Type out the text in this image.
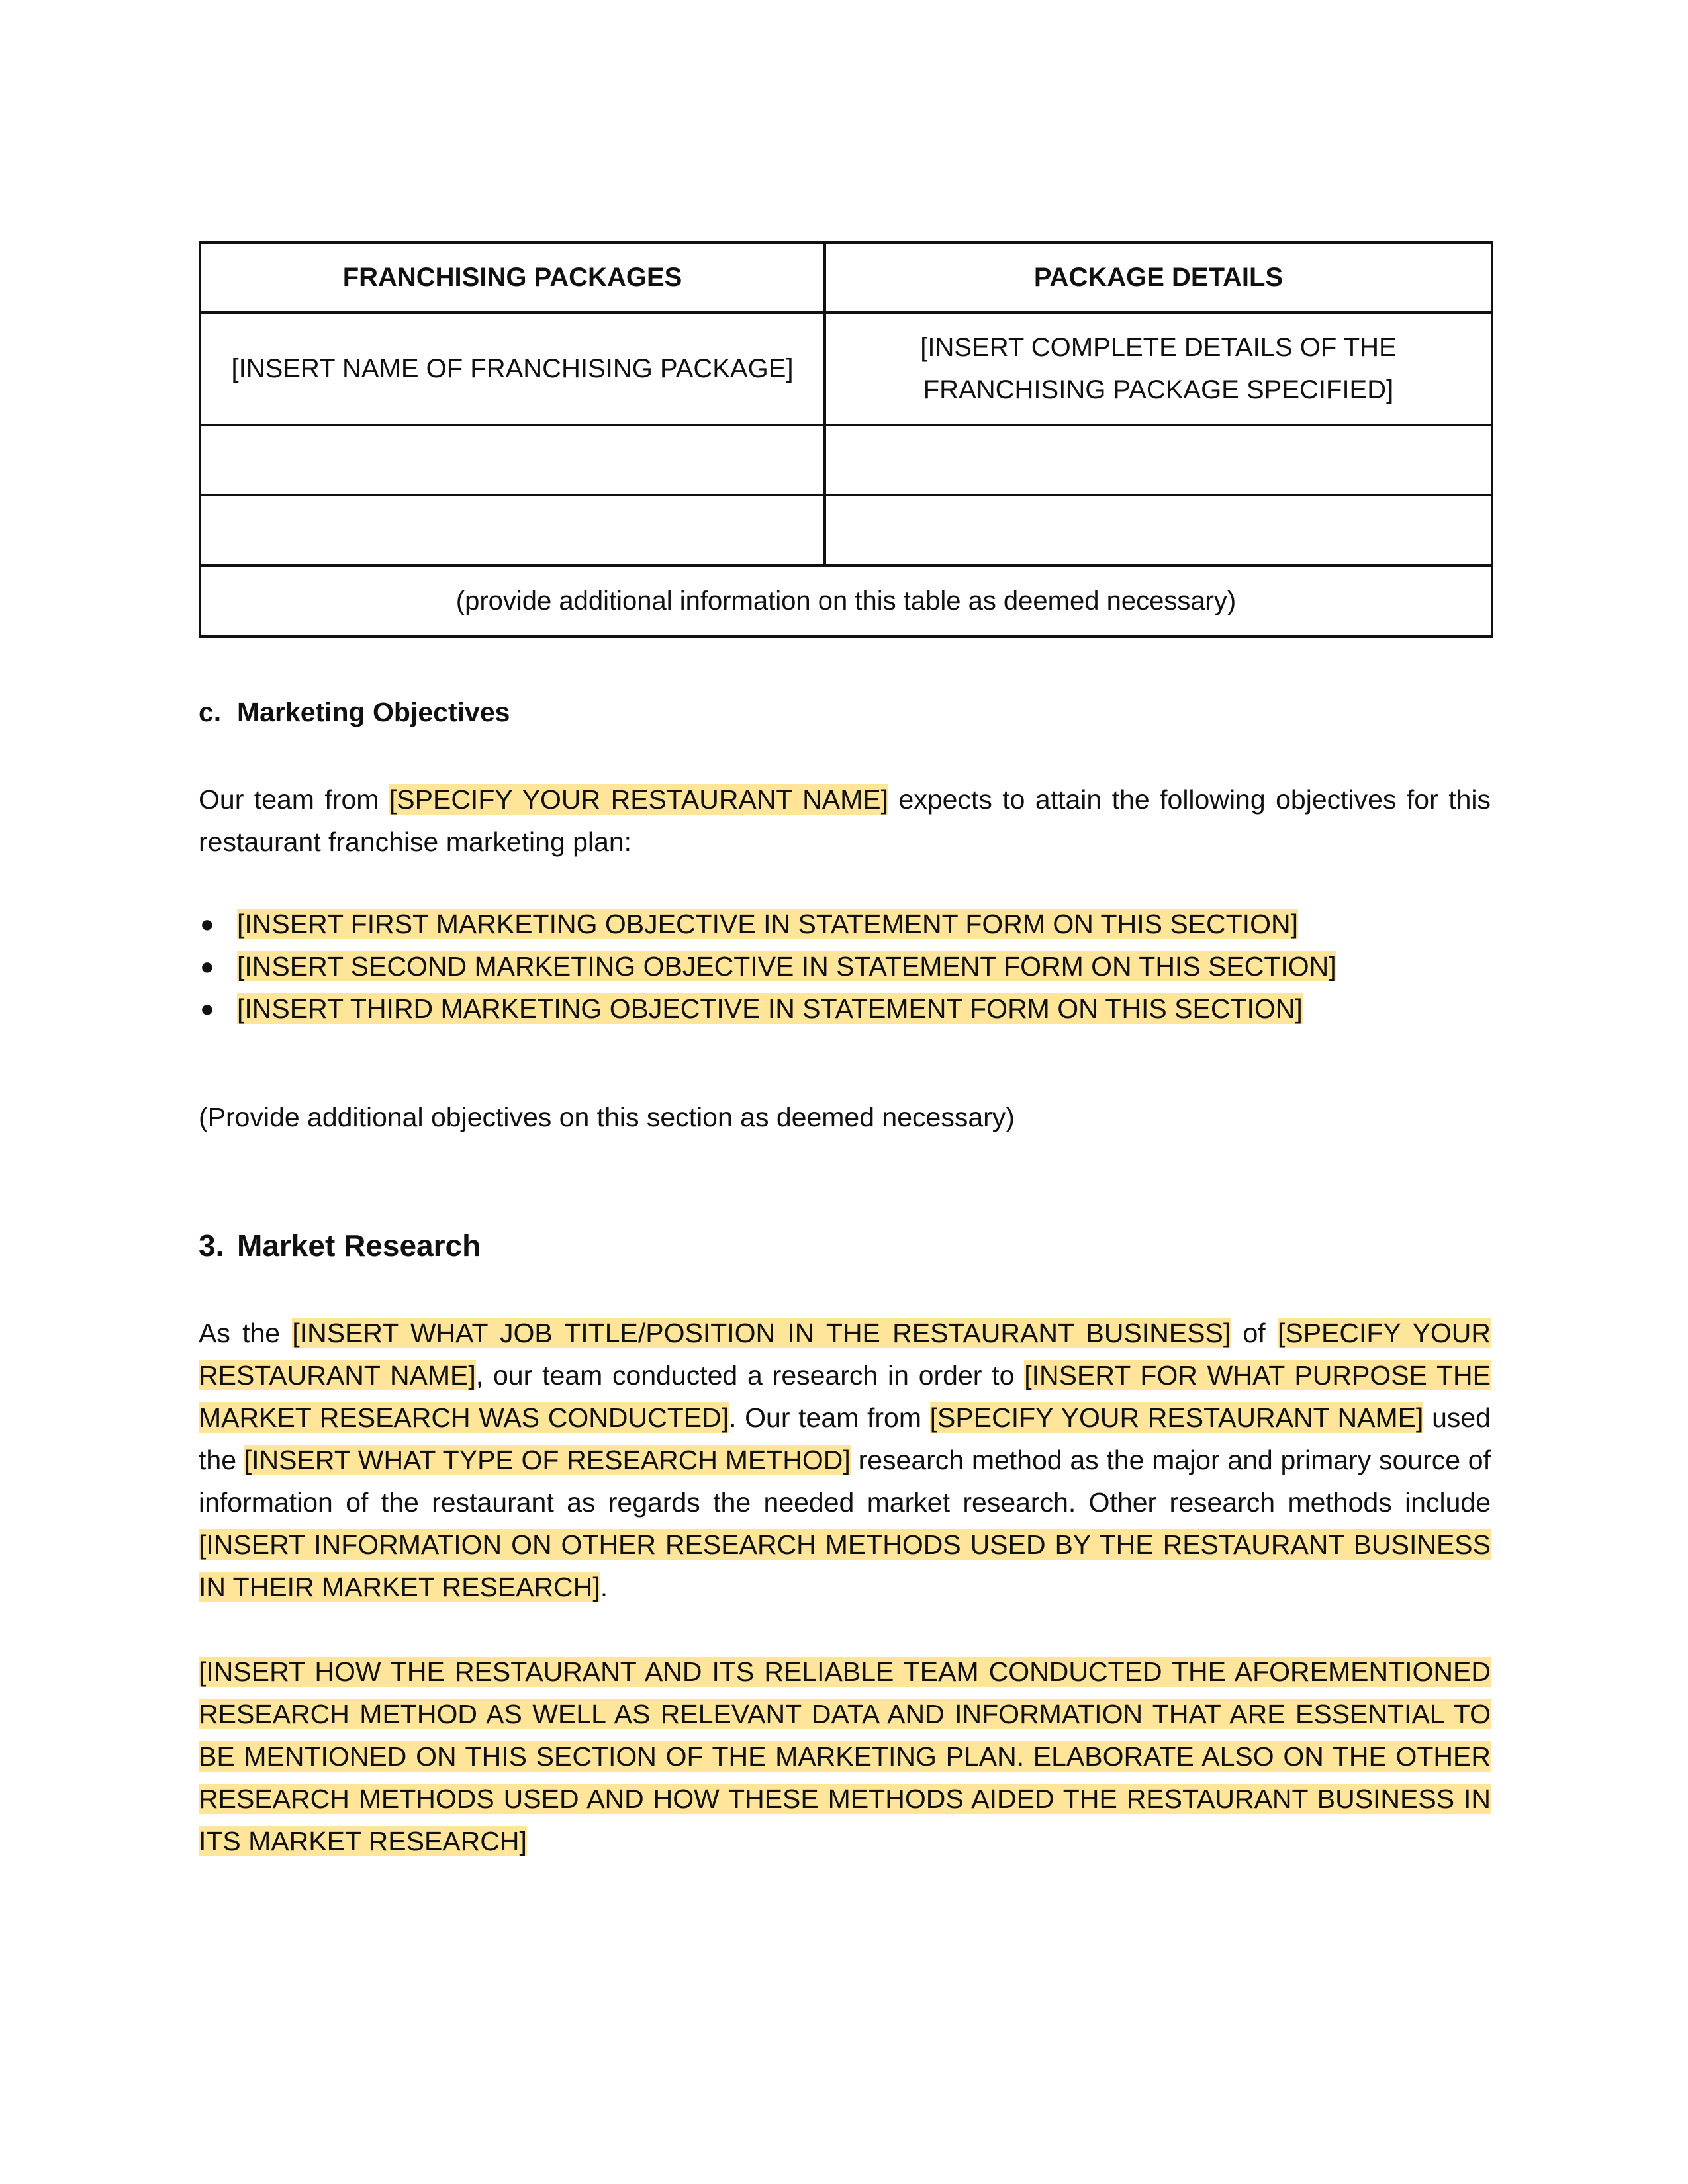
FRANCHISING PACKAGES	PACKAGE DETAILS
[INSERT NAME OF FRANCHISING PACKAGE]	[INSERT COMPLETE DETAILS OF THE FRANCHISING PACKAGE SPECIFIED]

(provide additional information on this table as deemed necessary)	
c. Marketing Objectives
Our team from [SPECIFY YOUR RESTAURANT NAME] expects to attain the following objectives for this restaurant franchise marketing plan:
● [INSERT FIRST MARKETING OBJECTIVE IN STATEMENT FORM ON THIS SECTION]
● [INSERT SECOND MARKETING OBJECTIVE IN STATEMENT FORM ON THIS SECTION]
● [INSERT THIRD MARKETING OBJECTIVE IN STATEMENT FORM ON THIS SECTION]
(Provide additional objectives on this section as deemed necessary)
3. Market Research
As the [INSERT WHAT JOB TITLE/POSITION IN THE RESTAURANT BUSINESS] of [SPECIFY YOUR RESTAURANT NAME], our team conducted a research in order to [INSERT FOR WHAT PURPOSE THE MARKET RESEARCH WAS CONDUCTED]. Our team from [SPECIFY YOUR RESTAURANT NAME] used the [INSERT WHAT TYPE OF RESEARCH METHOD] research method as the major and primary source of information of the restaurant as regards the needed market research. Other research methods include [INSERT INFORMATION ON OTHER RESEARCH METHODS USED BY THE RESTAURANT BUSINESS IN THEIR MARKET RESEARCH].
[INSERT HOW THE RESTAURANT AND ITS RELIABLE TEAM CONDUCTED THE AFOREMENTIONED RESEARCH METHOD AS WELL AS RELEVANT DATA AND INFORMATION THAT ARE ESSENTIAL TO BE MENTIONED ON THIS SECTION OF THE MARKETING PLAN. ELABORATE ALSO ON THE OTHER RESEARCH METHODS USED AND HOW THESE METHODS AIDED THE RESTAURANT BUSINESS IN ITS MARKET RESEARCH]
